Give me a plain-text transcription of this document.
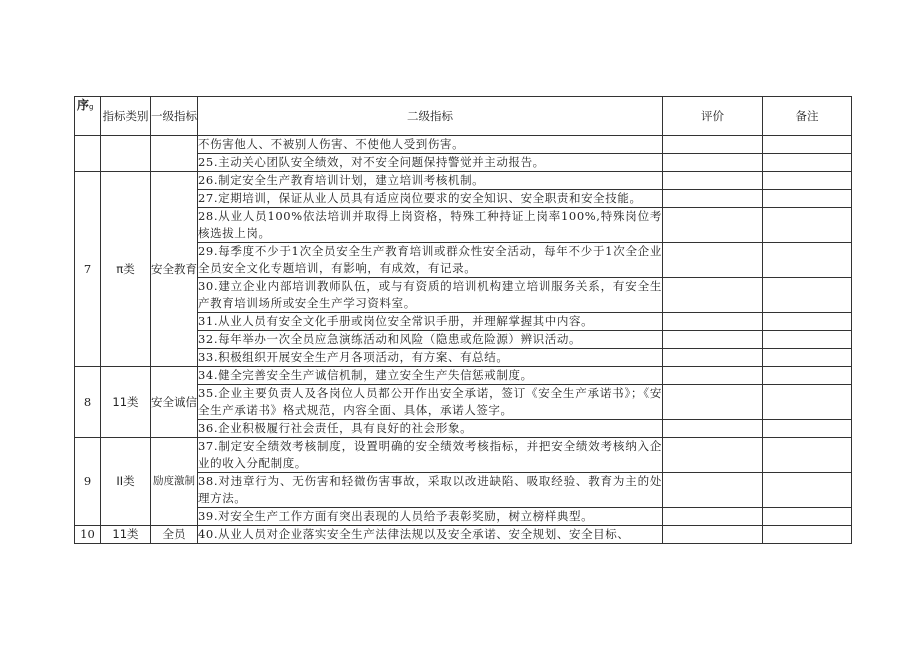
序g	指标类别	一级指标	二级指标	评价	备注
			不伤害他人、不被别人伤害、不使他人受到伤害。		
			25.主动关心团队安全绩效，对不安全问题保持警觉并主动报告。		
7	π类	安全教育	26.制定安全生产教育培训计划，建立培训考核机制。		
			27.定期培训，保证从业人员具有适应岗位要求的安全知识、安全职责和安全技能。		
			28.从业人员100%依法培训并取得上岗资格，特殊工种持证上岗率100%,特殊岗位考核选拔上岗。		
			29.每季度不少于1次全员安全生产教育培训或群众性安全活动，每年不少于1次全企业全员安全文化专题培训，有影响，有成效，有记录。		
			30.建立企业内部培训教师队伍，或与有资质的培训机构建立培训服务关系，有安全生产教育培训场所或安全生产学习资料室。		
			31.从业人员有安全文化手册或岗位安全常识手册，并理解掌握其中内容。		
			32.每年举办一次全员应急演练活动和风险（隐患或危险源）辨识活动。		
			33.积极组织开展安全生产月各项活动，有方案、有总结。		
8	11类	安全诚信	34.健全完善安全生产诚信机制，建立安全生产失信惩戒制度。		
			35.企业主要负责人及各岗位人员都公开作出安全承诺，签订《安全生产承诺书》；《安全生产承诺书》格式规范，内容全面、具体，承诺人签字。		
			36.企业积极履行社会责任，具有良好的社会形象。		
9	II类	励度激制	37.制定安全绩效考核制度，设置明确的安全绩效考核指标，并把安全绩效考核纳入企业的收入分配制度。		
			38.对违章行为、无伤害和轻微伤害事故，采取以改进缺陷、吸取经验、教育为主的处理方法。		
			39.对安全生产工作方面有突出表现的人员给予表彰奖励，树立榜样典型。		
10	11类	全员	40.从业人员对企业落实安全生产法律法规以及安全承诺、安全规划、安全目标、		
